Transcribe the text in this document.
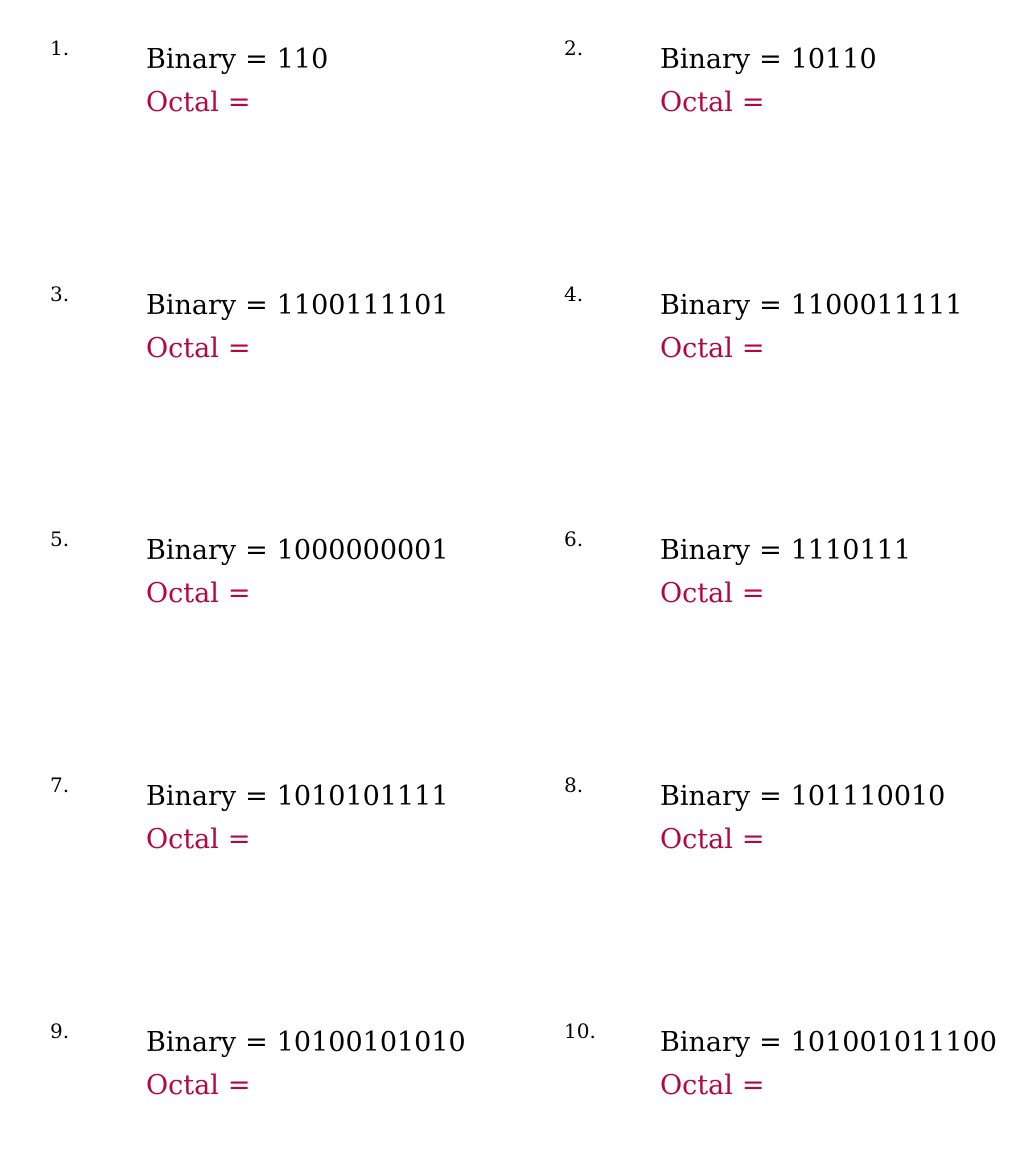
1.	Binary = 110
Octal =
2.	Binary = 10110
Octal =
3.	Binary = 1100111101
Octal =
4.	Binary = 1100011111
Octal =
5.	Binary = 1000000001
Octal =
6.	Binary = 1110111
Octal =
7.	Binary = 1010101111
Octal =
8.	Binary = 101110010
Octal =
9.	Binary = 10100101010
Octal =
10. Binary = 101001011100
Octal =
